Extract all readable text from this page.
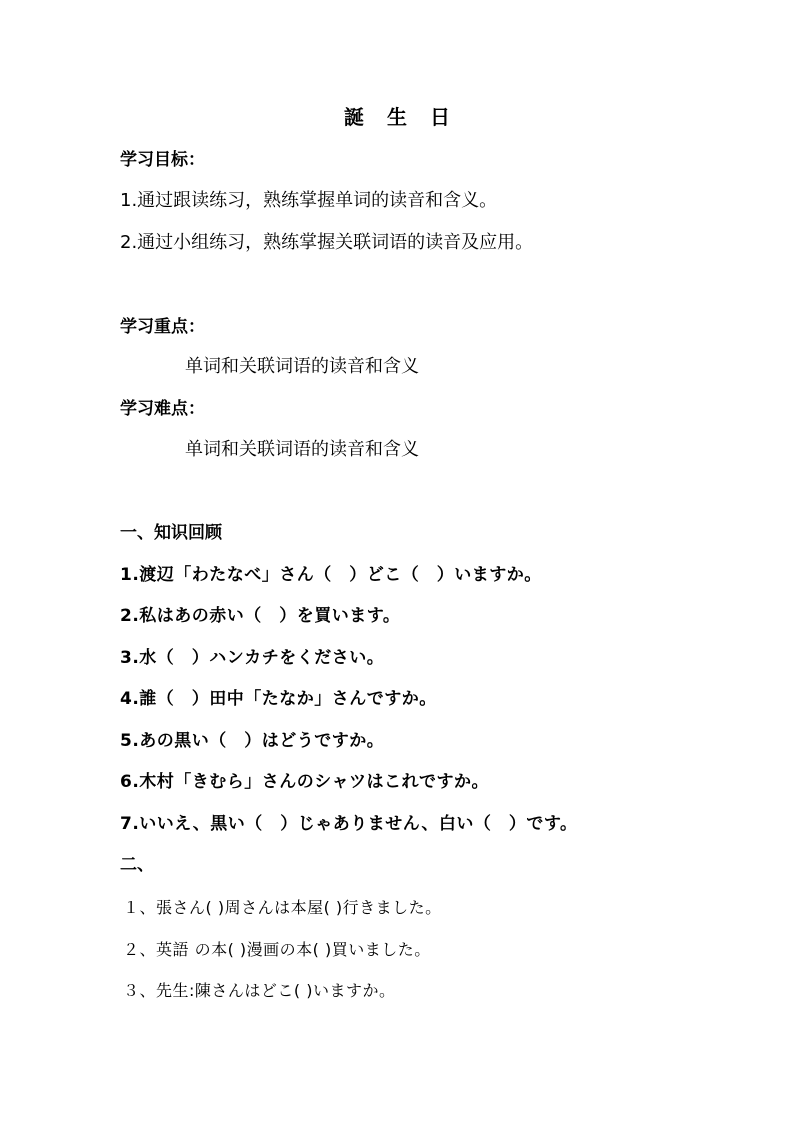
誕 生 日
学习目标：
1.通过跟读练习，熟练掌握单词的读音和含义。
2.通过小组练习，熟练掌握关联词语的读音及应用。
学习重点：
单词和关联词语的读音和含义
学习难点：
单词和关联词语的读音和含义
一、知识回顾
1.渡辺「わたなべ」さん（　）どこ（　）いますか。
2.私はあの赤い（　）を買います。
3.水（　）ハンカチをください。
4.誰（　）田中「たなか」さんですか。
5.あの黒い（　）はどうですか。
6.木村「きむら」さんのシャツはこれですか。
7.いいえ、黒い（　）じゃありません、白い（　）です。
二、
１、張さん( )周さんは本屋( )行きました。
２、英語 の本( )漫画の本( )買いました。
３、先生:陳さんはどこ( )いますか。
